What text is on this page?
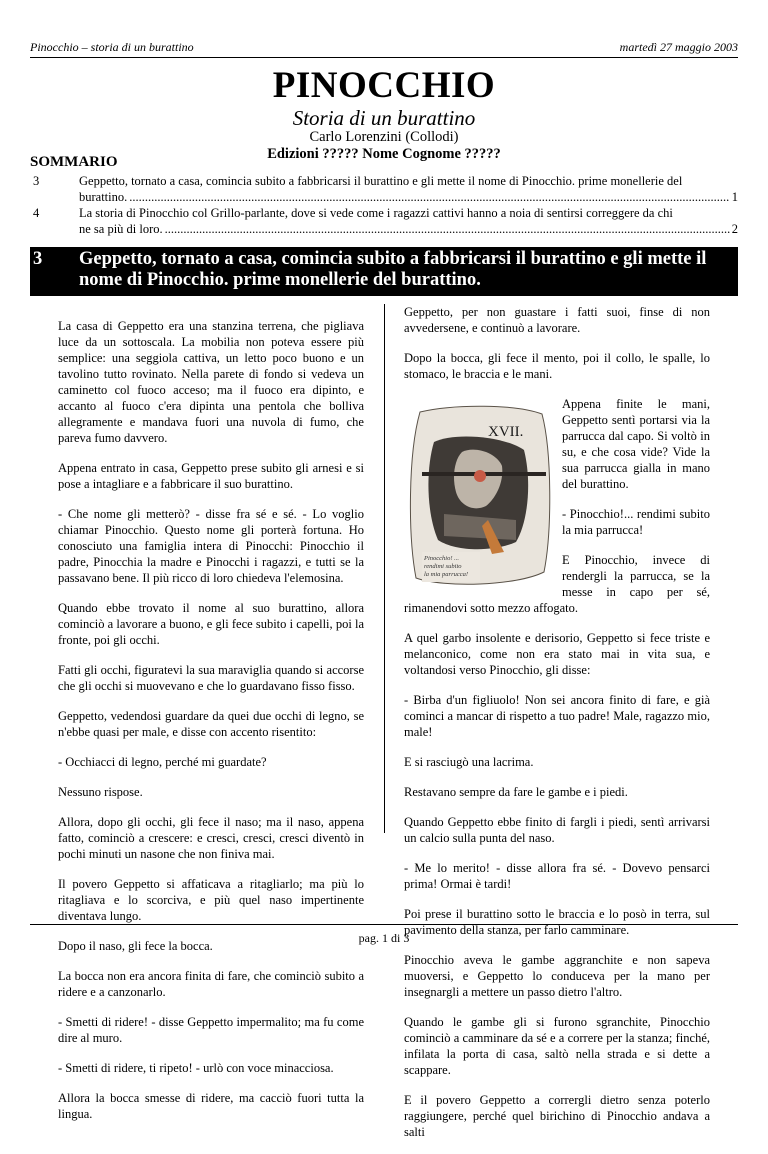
Pinocchio – storia di un burattino	martedì 27 maggio 2003
PINOCCHIO
Storia di un burattino
Carlo Lorenzini (Collodi)
Edizioni ????? Nome Cognome ?????
SOMMARIO
3	Geppetto, tornato a casa, comincia subito a fabbricarsi il burattino e gli mette il nome di Pinocchio. prime monellerie del
burattino. .....	1
4	La storia di Pinocchio col Grillo-parlante, dove si vede come i ragazzi cattivi hanno a noia di sentirsi correggere da chi
ne sa più di loro. .....	2
3 Geppetto, tornato a casa, comincia subito a fabbricarsi il burattino e gli mette il nome di Pinocchio. prime monellerie del burattino.

La casa di Geppetto era una stanzina terrena, che pigliava luce da un sottoscala. La mobilia non poteva essere più semplice: una seggiola cattiva, un letto poco buono e un tavolino tutto rovinato. Nella parete di fondo si vedeva un caminetto col fuoco acceso; ma il fuoco era dipinto, e accanto al fuoco c'era dipinta una pentola che bolliva allegramente e mandava fuori una nuvola di fumo, che pareva fumo davvero.

Appena entrato in casa, Geppetto prese subito gli arnesi e si pose a intagliare e a fabbricare il suo burattino.

- Che nome gli metterò? - disse fra sé e sé. - Lo voglio chiamar Pinocchio. Questo nome gli porterà fortuna. Ho conosciuto una famiglia intera di Pinocchi: Pinocchio il padre, Pinocchia la madre e Pinocchi i ragazzi, e tutti se la passavano bene. Il più ricco di loro chiedeva l'elemosina.

Quando ebbe trovato il nome al suo burattino, allora cominciò a lavorare a buono, e gli fece subito i capelli, poi la fronte, poi gli occhi.

Fatti gli occhi, figuratevi la sua maraviglia quando si accorse che gli occhi si muovevano e che lo guardavano fisso fisso.

Geppetto, vedendosi guardare da quei due occhi di legno, se n'ebbe quasi per male, e disse con accento risentito:

- Occhiacci di legno, perché mi guardate?

Nessuno rispose.

Allora, dopo gli occhi, gli fece il naso; ma il naso, appena fatto, cominciò a crescere: e cresci, cresci, cresci diventò in pochi minuti un nasone che non finiva mai.

Il povero Geppetto si affaticava a ritagliarlo; ma più lo ritagliava e lo scorciva, e più quel naso impertinente diventava lungo.

Dopo il naso, gli fece la bocca.

La bocca non era ancora finita di fare, che cominciò subito a ridere e a canzonarlo.

- Smetti di ridere! - disse Geppetto impermalito; ma fu come dire al muro.

- Smetti di ridere, ti ripeto! - urlò con voce minacciosa.

Allora la bocca smesse di ridere, ma cacciò fuori tutta la lingua.

Geppetto, per non guastare i fatti suoi, finse di non avvedersene, e continuò a lavorare.

Dopo la bocca, gli fece il mento, poi il collo, le spalle, lo stomaco, le braccia e le mani.

XVII.
Pinocchio! ... rendimi subito la mia parrucca!

Appena finite le mani, Geppetto sentì portarsi via la parrucca dal capo. Si voltò in su, e che cosa vide? Vide la sua parrucca gialla in mano del burattino.

- Pinocchio!... rendimi subito la mia parrucca!

E Pinocchio, invece di rendergli la parrucca, se la messe in capo per sé, rimanendovi sotto mezzo affogato.

A quel garbo insolente e derisorio, Geppetto si fece triste e melanconico, come non era stato mai in vita sua, e voltandosi verso Pinocchio, gli disse:

- Birba d'un figliuolo! Non sei ancora finito di fare, e già cominci a mancar di rispetto a tuo padre! Male, ragazzo mio, male!

E si rasciugò una lacrima.

Restavano sempre da fare le gambe e i piedi.

Quando Geppetto ebbe finito di fargli i piedi, sentì arrivarsi un calcio sulla punta del naso.

- Me lo merito! - disse allora fra sé. - Dovevo pensarci prima! Ormai è tardi!

Poi prese il burattino sotto le braccia e lo posò in terra, sul pavimento della stanza, per farlo camminare.

Pinocchio aveva le gambe aggranchite e non sapeva muoversi, e Geppetto lo conduceva per la mano per insegnargli a mettere un passo dietro l'altro.

Quando le gambe gli si furono sgranchite, Pinocchio cominciò a camminare da sé e a correre per la stanza; finché, infilata la porta di casa, saltò nella strada e si dette a scappare.

E il povero Geppetto a corrergli dietro senza poterlo raggiungere, perché quel birichino di Pinocchio andava a salti

pag. 1 di 3
